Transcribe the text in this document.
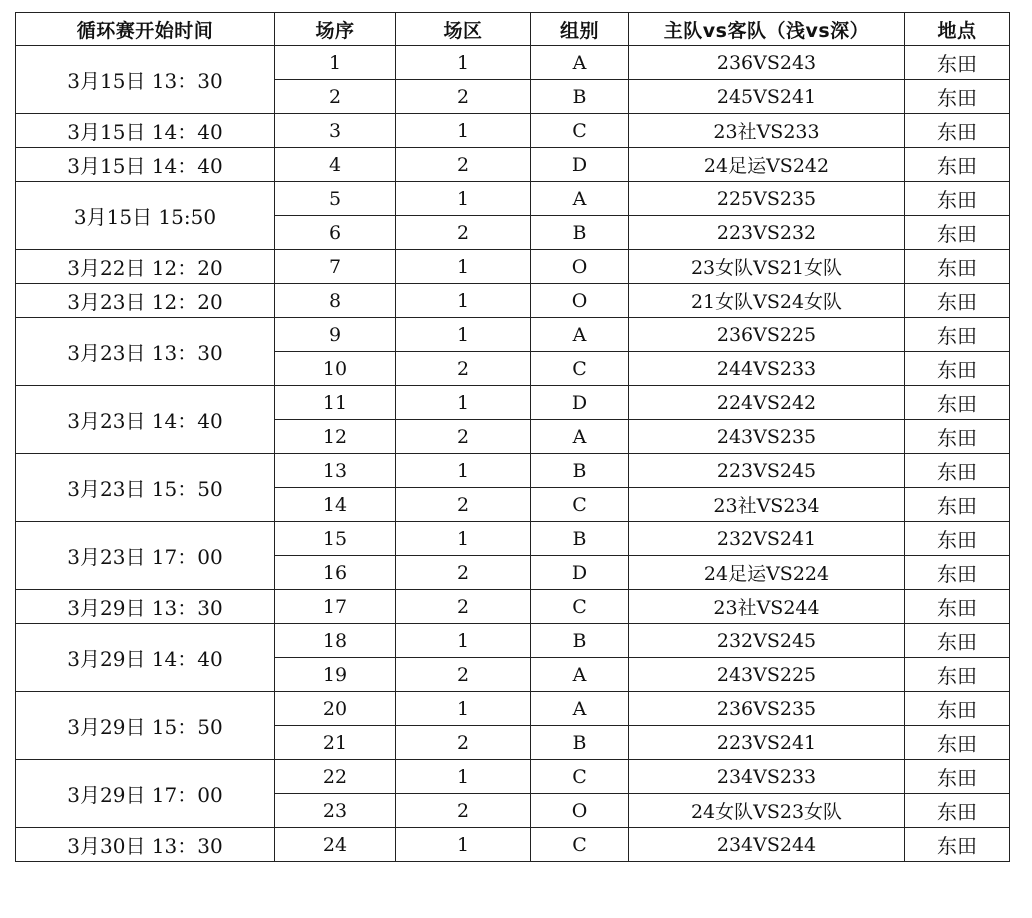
循环赛开始时间	场序	场区	组别	主队vs客队（浅vs深）	地点
3月15日 13：30	1	1	A	236VS243	东田
	2	2	B	245VS241	东田
3月15日 14：40	3	1	C	23社VS233	东田
3月15日 14：40	4	2	D	24足运VS242	东田
3月15日 15:50	5	1	A	225VS235	东田
	6	2	B	223VS232	东田
3月22日 12：20	7	1	O	23女队VS21女队	东田
3月23日 12：20	8	1	O	21女队VS24女队	东田
3月23日 13：30	9	1	A	236VS225	东田
	10	2	C	244VS233	东田
3月23日 14：40	11	1	D	224VS242	东田
	12	2	A	243VS235	东田
3月23日 15：50	13	1	B	223VS245	东田
	14	2	C	23社VS234	东田
3月23日 17：00	15	1	B	232VS241	东田
	16	2	D	24足运VS224	东田
3月29日 13：30	17	2	C	23社VS244	东田
3月29日 14：40	18	1	B	232VS245	东田
	19	2	A	243VS225	东田
3月29日 15：50	20	1	A	236VS235	东田
	21	2	B	223VS241	东田
3月29日 17：00	22	1	C	234VS233	东田
	23	2	O	24女队VS23女队	东田
3月30日 13：30	24	1	C	234VS244	东田
